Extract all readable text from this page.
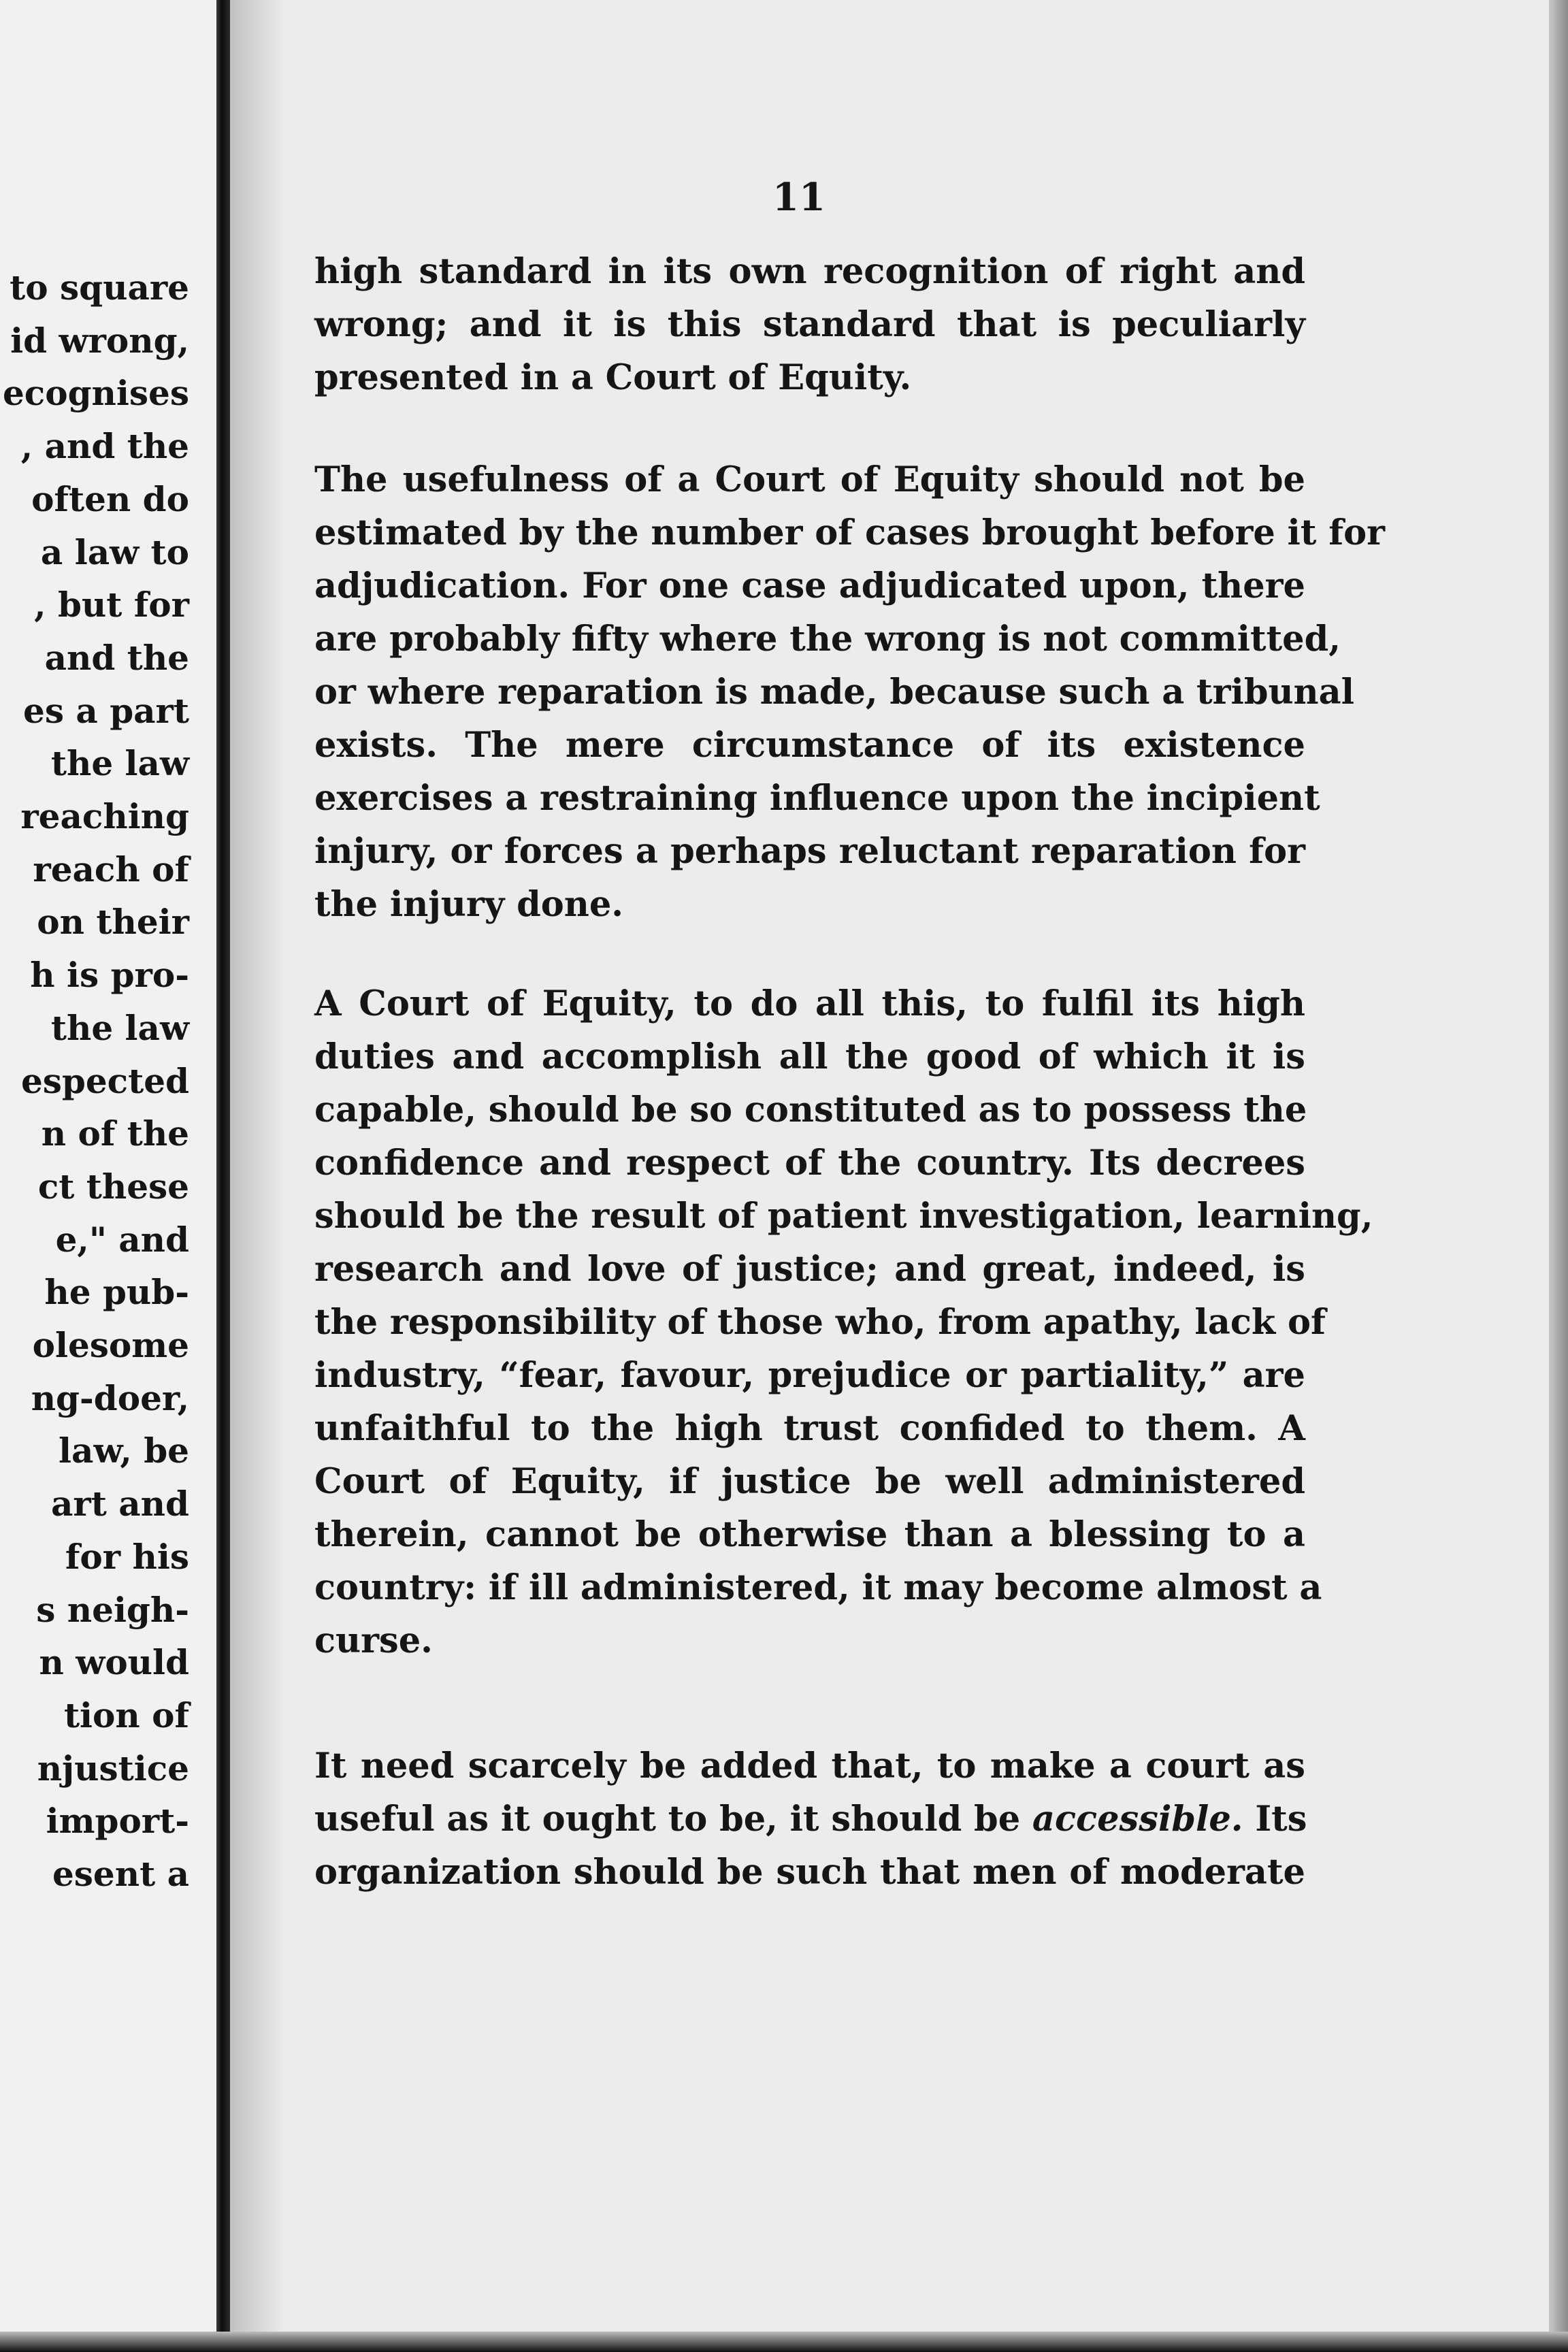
to square
id wrong,
ecognises
, and the
often do
a law to
, but for
and the
es a part
the law
reaching
reach of
on their
h is pro-
the law
espected
n of the
ct these
e," and
he pub-
olesome
ng-doer,
law, be
art and
for his
s neigh-
n would
tion of
njustice
import-
esent a
11
high standard in its own recognition of right and
wrong; and it is this standard that is peculiarly
presented in a Court of Equity.
The usefulness of a Court of Equity should not be
estimated by the number of cases brought before it for
adjudication. For one case adjudicated upon, there
are probably fifty where the wrong is not committed,
or where reparation is made, because such a tribunal
exists. The mere circumstance of its existence
exercises a restraining influence upon the incipient
injury, or forces a perhaps reluctant reparation for
the injury done.
A Court of Equity, to do all this, to fulfil its high
duties and accomplish all the good of which it is
capable, should be so constituted as to possess the
confidence and respect of the country. Its decrees
should be the result of patient investigation, learning,
research and love of justice; and great, indeed, is
the responsibility of those who, from apathy, lack of
industry, “fear, favour, prejudice or partiality,” are
unfaithful to the high trust confided to them. A
Court of Equity, if justice be well administered
therein, cannot be otherwise than a blessing to a
country: if ill administered, it may become almost a
curse.
It need scarcely be added that, to make a court as
useful as it ought to be, it should be accessible. Its
organization should be such that men of moderate
